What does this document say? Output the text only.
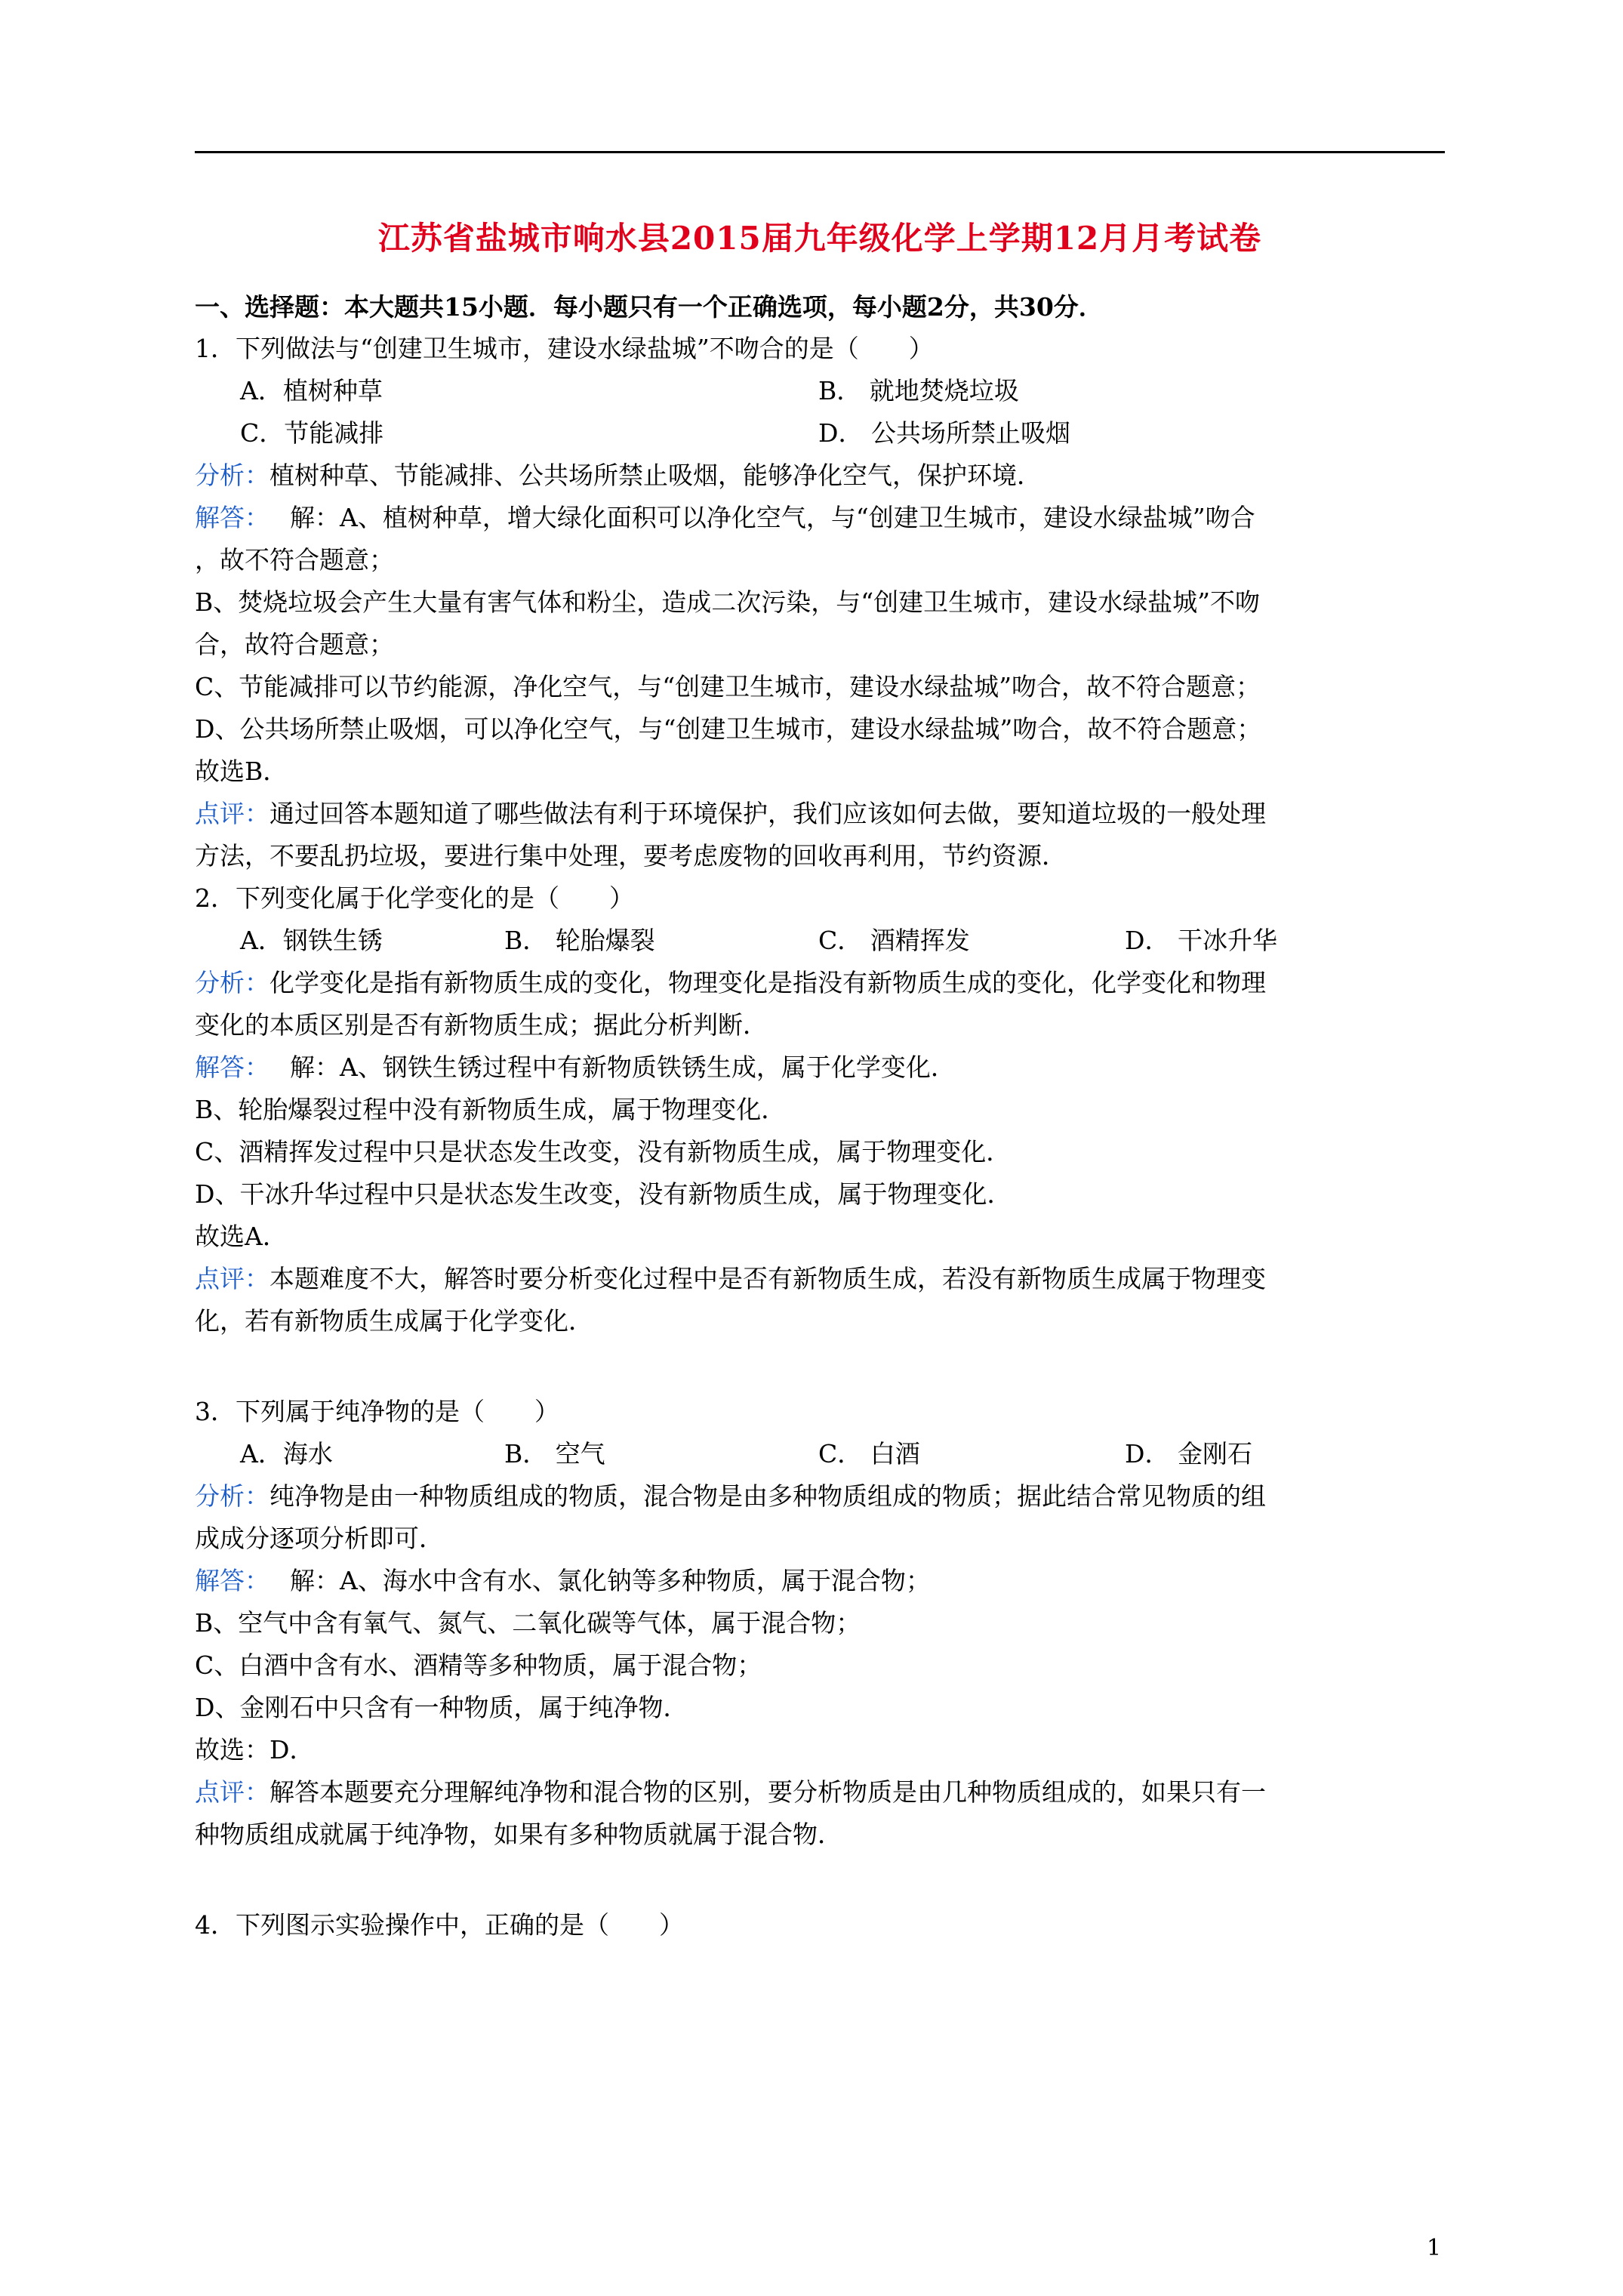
江苏省盐城市响水县2015届九年级化学上学期12月月考试卷
一、选择题：本大题共15小题．每小题只有一个正确选项，每小题2分，共30分．
1．下列做法与“创建卫生城市，建设水绿盐城”不吻合的是（　　）
A．植树种草	B． 就地焚烧垃圾
C．节能减排	D． 公共场所禁止吸烟
分析：植树种草、节能减排、公共场所禁止吸烟，能够净化空气，保护环境．
解答：　 解：A、植树种草，增大绿化面积可以净化空气，与“创建卫生城市，建设水绿盐城”吻合
，故不符合题意；
B、焚烧垃圾会产生大量有害气体和粉尘，造成二次污染，与“创建卫生城市，建设水绿盐城”不吻
合，故符合题意；
C、节能减排可以节约能源，净化空气，与“创建卫生城市，建设水绿盐城”吻合，故不符合题意；
D、公共场所禁止吸烟，可以净化空气，与“创建卫生城市，建设水绿盐城”吻合，故不符合题意；
故选B．
点评：通过回答本题知道了哪些做法有利于环境保护，我们应该如何去做，要知道垃圾的一般处理
方法，不要乱扔垃圾，要进行集中处理，要考虑废物的回收再利用，节约资源．
2．下列变化属于化学变化的是（　　）
A．钢铁生锈	B． 轮胎爆裂	C． 酒精挥发	D． 干冰升华
分析：化学变化是指有新物质生成的变化，物理变化是指没有新物质生成的变化，化学变化和物理
变化的本质区别是否有新物质生成；据此分析判断．
解答：　 解：A、钢铁生锈过程中有新物质铁锈生成，属于化学变化．
B、轮胎爆裂过程中没有新物质生成，属于物理变化．
C、酒精挥发过程中只是状态发生改变，没有新物质生成，属于物理变化．
D、干冰升华过程中只是状态发生改变，没有新物质生成，属于物理变化．
故选A．
点评：本题难度不大，解答时要分析变化过程中是否有新物质生成，若没有新物质生成属于物理变
化，若有新物质生成属于化学变化．
3．下列属于纯净物的是（　　）
A．海水	B． 空气	C． 白酒	D． 金刚石
分析：纯净物是由一种物质组成的物质，混合物是由多种物质组成的物质；据此结合常见物质的组
成成分逐项分析即可．
解答：　 解：A、海水中含有水、氯化钠等多种物质，属于混合物；
B、空气中含有氧气、氮气、二氧化碳等气体，属于混合物；
C、白酒中含有水、酒精等多种物质，属于混合物；
D、金刚石中只含有一种物质，属于纯净物．
故选：D．
点评：解答本题要充分理解纯净物和混合物的区别，要分析物质是由几种物质组成的，如果只有一
种物质组成就属于纯净物，如果有多种物质就属于混合物．
4．下列图示实验操作中，正确的是（　　）
1
